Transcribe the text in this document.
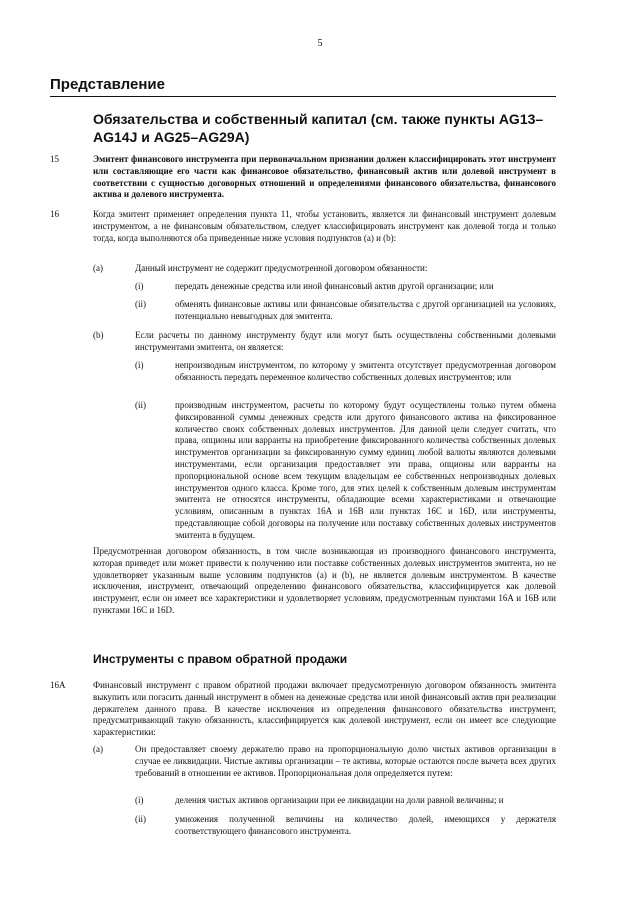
5
Представление
Обязательства и собственный капитал (см. также пункты AG13–AG14J и AG25–AG29A)
15	Эмитент финансового инструмента при первоначальном признании должен классифицировать этот инструмент или составляющие его части как финансовое обязательство, финансовый актив или долевой инструмент в соответствии с сущностью договорных отношений и определениями финансового обязательства, финансового актива и долевого инструмента.
16	Когда эмитент применяет определения пункта 11, чтобы установить, является ли финансовый инструмент долевым инструментом, а не финансовым обязательством, следует классифицировать инструмент как долевой тогда и только тогда, когда выполняются оба приведенные ниже условия подпунктов (a) и (b):
(a)	Данный инструмент не содержит предусмотренной договором обязанности:
(i)	передать денежные средства или иной финансовый актив другой организации; или
(ii)	обменять финансовые активы или финансовые обязательства с другой организацией на условиях, потенциально невыгодных для эмитента.
(b)	Если расчеты по данному инструменту будут или могут быть осуществлены собственными долевыми инструментами эмитента, он является:
(i)	непроизводным инструментом, по которому у эмитента отсутствует предусмотренная договором обязанность передать переменное количество собственных долевых инструментов; или
(ii)	производным инструментом, расчеты по которому будут осуществлены только путем обмена фиксированной суммы денежных средств или другого финансового актива на фиксированное количество своих собственных долевых инструментов. Для данной цели следует считать, что права, опционы или варранты на приобретение фиксированного количества собственных долевых инструментов организации за фиксированную сумму единиц любой валюты являются долевыми инструментами, если организация предоставляет эти права, опционы или варранты на пропорциональной основе всем текущим владельцам ее собственных непроизводных долевых инструментов одного класса. Кроме того, для этих целей к собственным долевым инструментам эмитента не относятся инструменты, обладающие всеми характеристиками и отвечающие условиям, описанным в пунктах 16A и 16B или пунктах 16C и 16D, или инструменты, представляющие собой договоры на получение или поставку собственных долевых инструментов эмитента в будущем.
Предусмотренная договором обязанность, в том числе возникающая из производного финансового инструмента, которая приведет или может привести к получению или поставке собственных долевых инструментов эмитента, но не удовлетворяет указанным выше условиям подпунктов (a) и (b), не является долевым инструментом. В качестве исключения, инструмент, отвечающий определению финансового обязательства, классифицируется как долевой инструмент, если он имеет все характеристики и удовлетворяет условиям, предусмотренным пунктами 16A и 16B или пунктами 16C и 16D.
Инструменты с правом обратной продажи
16A	Финансовый инструмент с правом обратной продажи включает предусмотренную договором обязанность эмитента выкупить или погасить данный инструмент в обмен на денежные средства или иной финансовый актив при реализации держателем данного права. В качестве исключения из определения финансового обязательства инструмент, предусматривающий такую обязанность, классифицируется как долевой инструмент, если он имеет все следующие характеристики:
(a)	Он предоставляет своему держателю право на пропорциональную долю чистых активов организации в случае ее ликвидации. Чистые активы организации – те активы, которые остаются после вычета всех других требований в отношении ее активов. Пропорциональная доля определяется путем:
(i)	деления чистых активов организации при ее ликвидации на доли равной величины; и
(ii)	умножения полученной величины на количество долей, имеющихся у держателя соответствующего финансового инструмента.
